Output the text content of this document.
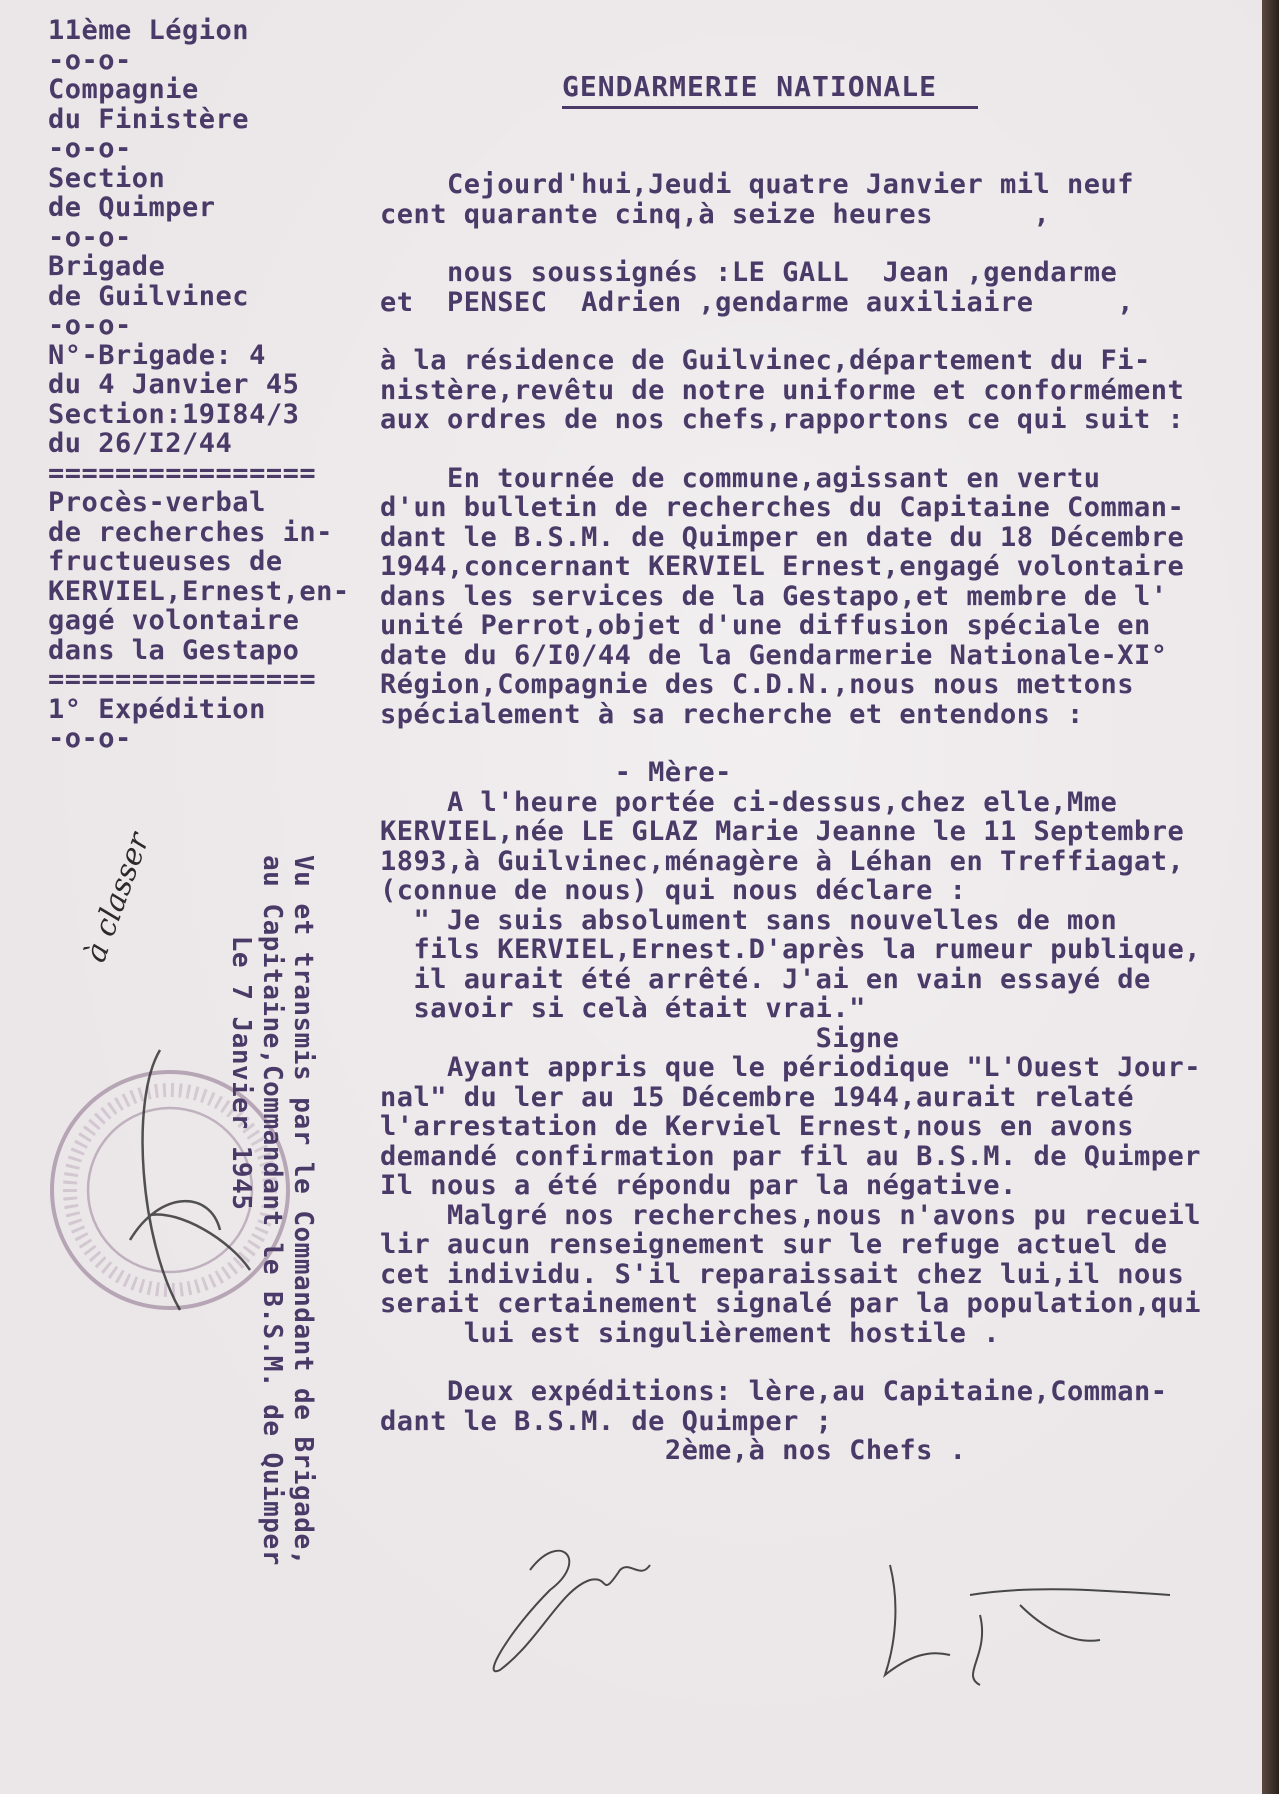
11ème Légion
-o-o-
Compagnie
du Finistère
-o-o-
Section
de Quimper
-o-o-
Brigade
de Guilvinec
-o-o-
N°-Brigade: 4
du 4 Janvier 45
Section:19I84/3
du 26/I2/44
================
Procès-verbal
de recherches in-
fructueuses de
KERVIEL,Ernest,en-
gagé volontaire
dans la Gestapo
================
1° Expédition
-o-o-
GENDARMERIE NATIONALE
Cejourd'hui,Jeudi quatre Janvier mil neuf
cent quarante cinq,à seize heures      ,
nous soussignés :LE GALL  Jean ,gendarme
et  PENSEC  Adrien ,gendarme auxiliaire     ,
à la résidence de Guilvinec,département du Fi-
nistère,revêtu de notre uniforme et conformément
aux ordres de nos chefs,rapportons ce qui suit :
En tournée de commune,agissant en vertu
d'un bulletin de recherches du Capitaine Comman-
dant le B.S.M. de Quimper en date du 18 Décembre
1944,concernant KERVIEL Ernest,engagé volontaire
dans les services de la Gestapo,et membre de l'
unité Perrot,objet d'une diffusion spéciale en
date du 6/I0/44 de la Gendarmerie Nationale-XI°
Région,Compagnie des C.D.N.,nous nous mettons
spécialement à sa recherche et entendons :
- Mère-
A l'heure portée ci-dessus,chez elle,Mme
KERVIEL,née LE GLAZ Marie Jeanne le 11 Septembre
1893,à Guilvinec,ménagère à Léhan en Treffiagat,
(connue de nous) qui nous déclare :
" Je suis absolument sans nouvelles de mon
fils KERVIEL,Ernest.D'après la rumeur publique,
il aurait été arrêté. J'ai en vain essayé de
savoir si celà était vrai."
Signe
Ayant appris que le périodique "L'Ouest Jour-
nal" du ler au 15 Décembre 1944,aurait relaté
l'arrestation de Kerviel Ernest,nous en avons
demandé confirmation par fil au B.S.M. de Quimper
Il nous a été répondu par la négative.
Malgré nos recherches,nous n'avons pu recueil
lir aucun renseignement sur le refuge actuel de
cet individu. S'il reparaissait chez lui,il nous
serait certainement signalé par la population,qui
lui est singulièrement hostile .
Deux expéditions: lère,au Capitaine,Comman-
dant le B.S.M. de Quimper ;
2ème,à nos Chefs .
à classer	Vu et transmis par le Commandant de Brigade,
au Capitaine,Commandant le B.S.M. de Quimper
Le 7 Janvier 1945
